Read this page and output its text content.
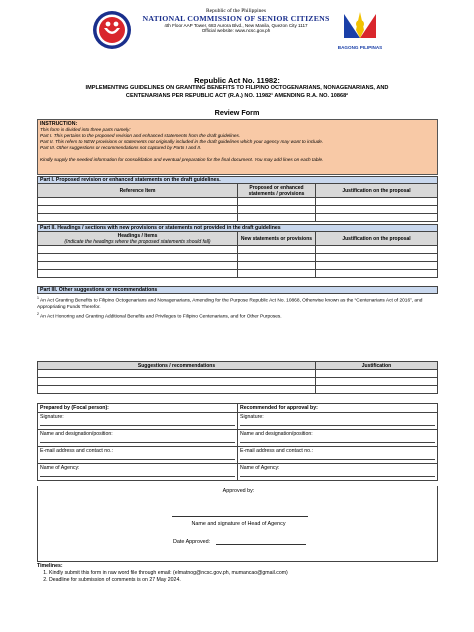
Republic of the Philippines
NATIONAL COMMISSION OF SENIOR CITIZENS
4th Floor AAP Tower, 683 Aurora Blvd., New Manila, Quezon City 1117
Official website: www.ncsc.gov.ph
BAGONG PILIPINAS
Republic Act No. 11982:
IMPLEMENTING GUIDELINES ON GRANTING BENEFITS TO FILIPINO OCTOGENARIANS, NONAGENARIANS, AND
CENTENARIANS PER REPUBLIC ACT (R.A.) NO. 11982¹ AMENDING R.A. NO. 10868²
Review Form
INSTRUCTION:

This form is divided into three parts namely:

Part I. This pertains to the proposed revision and enhanced statements from the draft guidelines.

Part II. This refers to NEW provisions or statements not originally included in the draft guidelines which your agency may want to include.

Part III. Other suggestions or recommendations not captured by Parts I and II.

Kindly supply the needed information for consolidation and eventual preparation for the final document. You may add lines on each table.

Part I. Proposed revision or enhanced statements on the draft guidelines.		
Reference Item	Proposed or enhanced statements / provisions	Justification on the proposal

Part II. Headings / sections with new provisions or statements not provided in the draft guidelines		
Headings / Items
(Indicate the headings where the proposed statements should fall)	New statements or provisions	Justification on the proposal

Part III. Other suggestions or recommendations
$^1$ An Act Granting Benefits to Filipino Octogenarians and Nonagenarians, Amending for the Purpose Republic Act No. 10868, Otherwise known as the “Centenarians Act of 2016”, and Appropriating Funds Therefor.
$^2$ An Act Honoring and Granting Additional Benefits and Privileges to Filipino Centenarians, and for Other Purposes.
Suggestions / recommendations	Justification

Prepared by (Focal person):	Recommended for approval by:
Signature:	Signature:

Name and designation/position:	Name and designation/position:

E-mail address and contact no.:	E-mail address and contact no.:

Name of Agency:	Name of Agency:
Approved by:
Name and signature of Head of Agency
Date Approved:
Timelines:
1. Kindly submit this form in raw word file through email: (elmatnog@ncsc.gov.ph, mumancao@gmail.com)
2. Deadline for submission of comments is on 27 May 2024.
